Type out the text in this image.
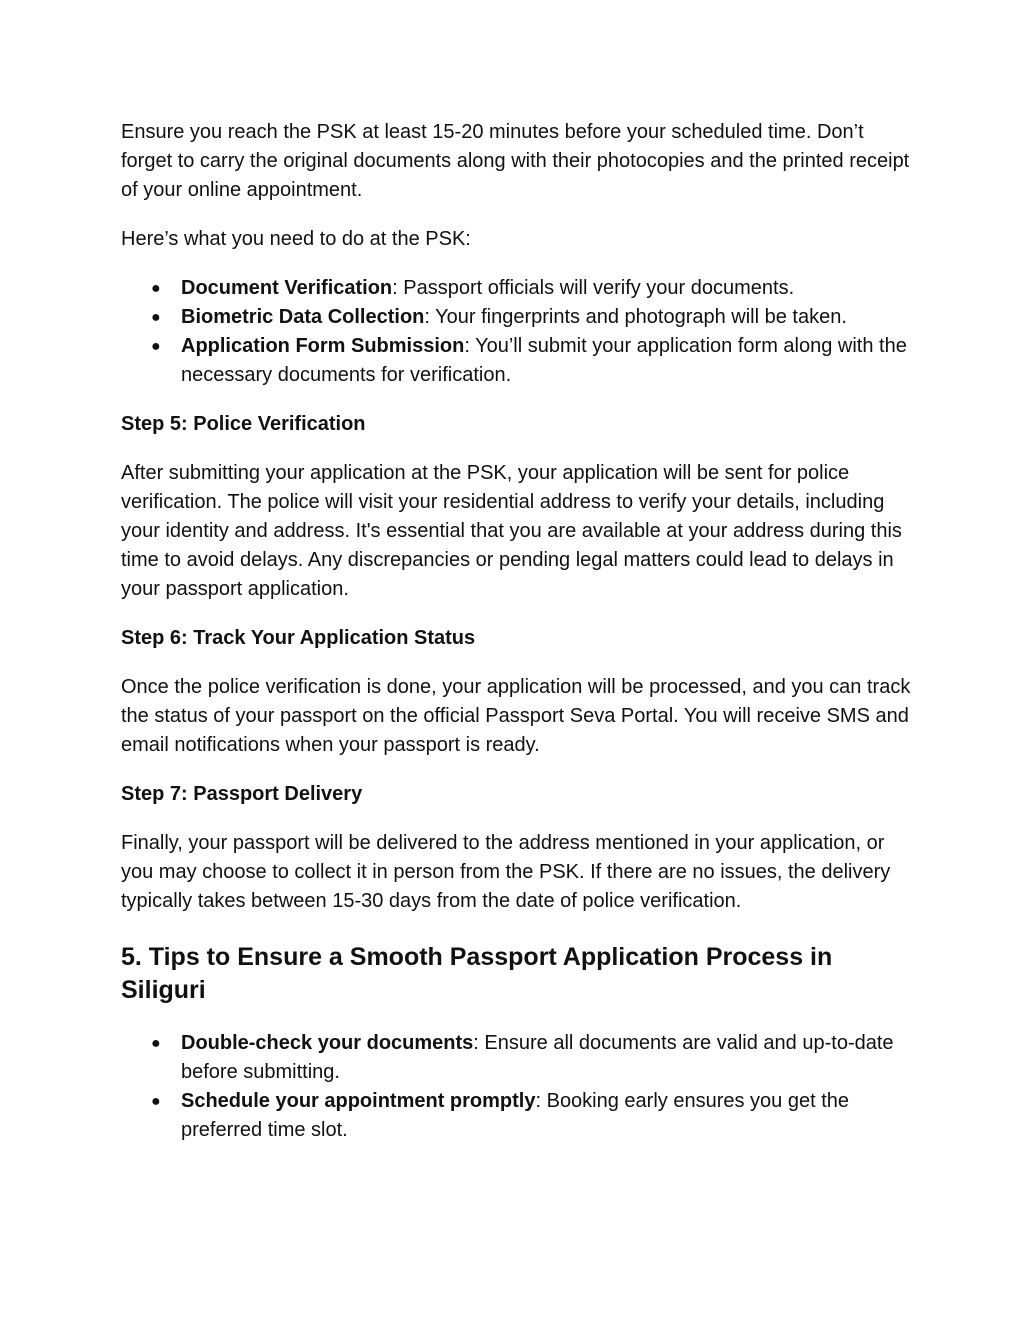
Ensure you reach the PSK at least 15-20 minutes before your scheduled time. Don’t forget to carry the original documents along with their photocopies and the printed receipt of your online appointment.

Here’s what you need to do at the PSK:

● Document Verification: Passport officials will verify your documents.
● Biometric Data Collection: Your fingerprints and photograph will be taken.
● Application Form Submission: You’ll submit your application form along with the necessary documents for verification.
Step 5: Police Verification

After submitting your application at the PSK, your application will be sent for police verification. The police will visit your residential address to verify your details, including your identity and address. It's essential that you are available at your address during this time to avoid delays. Any discrepancies or pending legal matters could lead to delays in your passport application.

Step 6: Track Your Application Status

Once the police verification is done, your application will be processed, and you can track the status of your passport on the official Passport Seva Portal. You will receive SMS and email notifications when your passport is ready.

Step 7: Passport Delivery

Finally, your passport will be delivered to the address mentioned in your application, or you may choose to collect it in person from the PSK. If there are no issues, the delivery typically takes between 15-30 days from the date of police verification.

5. Tips to Ensure a Smooth Passport Application Process in Siliguri
● Double-check your documents: Ensure all documents are valid and up-to-date before submitting.
● Schedule your appointment promptly: Booking early ensures you get the preferred time slot.
